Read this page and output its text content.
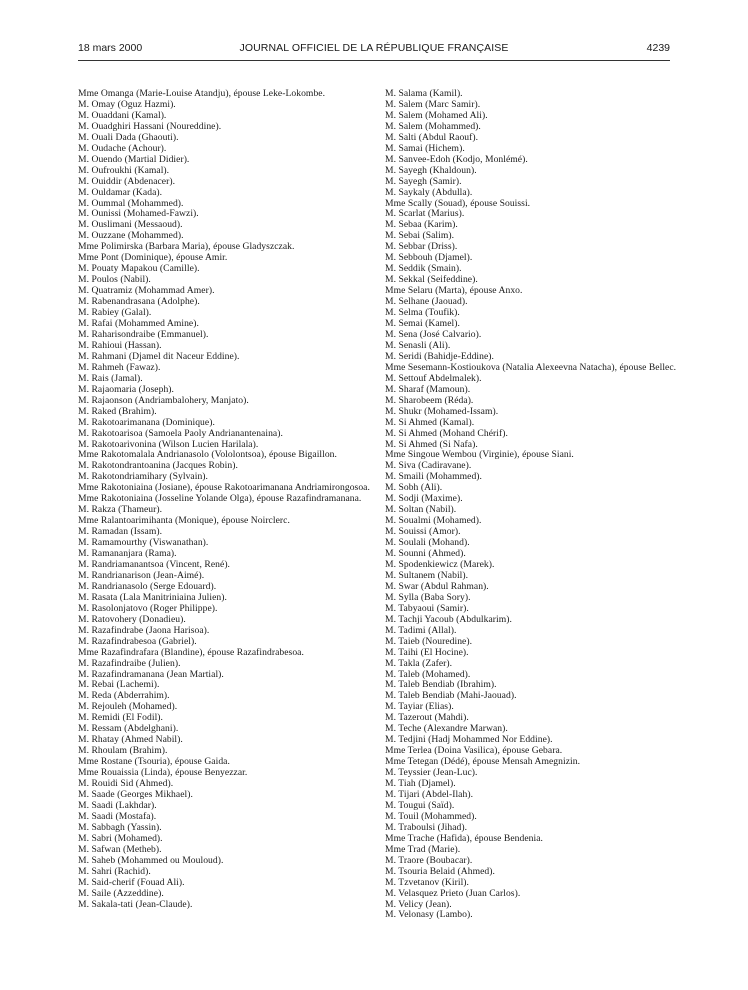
18 mars 2000	JOURNAL OFFICIEL DE LA RÉPUBLIQUE FRANÇAISE	4239
Mme Omanga (Marie-Louise Atandju), épouse Leke-Lokombe.
M. Omay (Oguz Hazmi).
M. Ouaddani (Kamal).
M. Ouadghiri Hassani (Noureddine).
M. Ouali Dada (Ghaouti).
M. Oudache (Achour).
M. Ouendo (Martial Didier).
M. Oufroukhi (Kamal).
M. Ouiddir (Abdenacer).
M. Ouldamar (Kada).
M. Oummal (Mohammed).
M. Ounissi (Mohamed-Fawzi).
M. Ouslimani (Messaoud).
M. Ouzzane (Mohammed).
Mme Polimirska (Barbara Maria), épouse Gladyszczak.
Mme Pont (Dominique), épouse Amir.
M. Pouaty Mapakou (Camille).
M. Poulos (Nabil).
M. Quatramiz (Mohammad Amer).
M. Rabenandrasana (Adolphe).
M. Rabiey (Galal).
M. Rafai (Mohammed Amine).
M. Raharisondraibe (Emmanuel).
M. Rahioui (Hassan).
M. Rahmani (Djamel dit Naceur Eddine).
M. Rahmeh (Fawaz).
M. Rais (Jamal).
M. Rajaomaria (Joseph).
M. Rajaonson (Andriambalohery, Manjato).
M. Raked (Brahim).
M. Rakotoarimanana (Dominique).
M. Rakotoarisoa (Samoela Paoly Andrianantenaina).
M. Rakotoarivonina (Wilson Lucien Harilala).
Mme Rakotomalala Andrianasolo (Vololontsoa), épouse Bigaillon.
M. Rakotondrantoanina (Jacques Robin).
M. Rakotondriamihary (Sylvain).
Mme Rakotoniaina (Josiane), épouse Rakotoarimanana Andriamirongosoa.
Mme Rakotoniaina (Josseline Yolande Olga), épouse Razafindramanana.
M. Rakza (Thameur).
Mme Ralantoarimihanta (Monique), épouse Noirclerc.
M. Ramadan (Issam).
M. Ramamourthy (Viswanathan).
M. Ramananjara (Rama).
M. Randriamanantsoa (Vincent, René).
M. Randrianarison (Jean-Aimé).
M. Randrianasolo (Serge Edouard).
M. Rasata (Lala Manitriniaina Julien).
M. Rasolonjatovo (Roger Philippe).
M. Ratovohery (Donadieu).
M. Razafindrabe (Jaona Harisoa).
M. Razafindrabesoa (Gabriel).
Mme Razafindrafara (Blandine), épouse Razafindrabesoa.
M. Razafindraibe (Julien).
M. Razafindramanana (Jean Martial).
M. Rebai (Lachemi).
M. Reda (Abderrahim).
M. Rejouleh (Mohamed).
M. Remidi (El Fodil).
M. Ressam (Abdelghani).
M. Rhatay (Ahmed Nabil).
M. Rhoulam (Brahim).
Mme Rostane (Tsouria), épouse Gaida.
Mme Rouaissia (Linda), épouse Benyezzar.
M. Rouidi Sid (Ahmed).
M. Saade (Georges Mikhael).
M. Saadi (Lakhdar).
M. Saadi (Mostafa).
M. Sabbagh (Yassin).
M. Sabri (Mohamed).
M. Safwan (Metheb).
M. Saheb (Mohammed ou Mouloud).
M. Sahri (Rachid).
M. Said-cherif (Fouad Ali).
M. Saile (Azzeddine).
M. Sakala-tati (Jean-Claude).
M. Salama (Kamil).
M. Salem (Marc Samir).
M. Salem (Mohamed Ali).
M. Salem (Mohammed).
M. Salti (Abdul Raouf).
M. Samai (Hichem).
M. Sanvee-Edoh (Kodjo, Monlémé).
M. Sayegh (Khaldoun).
M. Sayegh (Samir).
M. Saykaly (Abdulla).
Mme Scally (Souad), épouse Souissi.
M. Scarlat (Marius).
M. Sebaa (Karim).
M. Sebai (Salim).
M. Sebbar (Driss).
M. Sebbouh (Djamel).
M. Seddik (Smain).
M. Sekkal (Seifeddine).
Mme Selaru (Marta), épouse Anxo.
M. Selhane (Jaouad).
M. Selma (Toufik).
M. Semai (Kamel).
M. Sena (José Calvario).
M. Senasli (Ali).
M. Seridi (Bahidje-Eddine).
Mme Sesemann-Kostioukova (Natalia Alexeevna Natacha), épouse Bellec.
M. Settouf Abdelmalek).
M. Sharaf (Mamoun).
M. Sharobeem (Réda).
M. Shukr (Mohamed-Issam).
M. Si Ahmed (Kamal).
M. Si Ahmed (Mohand Chérif).
M. Si Ahmed (Si Nafa).
Mme Singoue Wembou (Virginie), épouse Siani.
M. Siva (Cadiravane).
M. Smaili (Mohammed).
M. Sobh (Ali).
M. Sodji (Maxime).
M. Soltan (Nabil).
M. Soualmi (Mohamed).
M. Souissi (Amor).
M. Soulali (Mohand).
M. Sounni (Ahmed).
M. Spodenkiewicz (Marek).
M. Sultanem (Nabil).
M. Swar (Abdul Rahman).
M. Sylla (Baba Sory).
M. Tabyaoui (Samir).
M. Tachji Yacoub (Abdulkarim).
M. Tadimi (Allal).
M. Taieb (Nouredine).
M. Taihi (El Hocine).
M. Takla (Zafer).
M. Taleb (Mohamed).
M. Taleb Bendiab (Ibrahim).
M. Taleb Bendiab (Mahi-Jaouad).
M. Tayiar (Elias).
M. Tazerout (Mahdi).
M. Teche (Alexandre Marwan).
M. Tedjini (Hadj Mohammed Nor Eddine).
Mme Terlea (Doina Vasilica), épouse Gebara.
Mme Tetegan (Dédé), épouse Mensah Amegnizin.
M. Teyssier (Jean-Luc).
M. Tiah (Djamel).
M. Tijari (Abdel-Ilah).
M. Tougui (Saïd).
M. Touil (Mohammed).
M. Traboulsi (Jihad).
Mme Trache (Hafida), épouse Bendenia.
Mme Trad (Marie).
M. Traore (Boubacar).
M. Tsouria Belaid (Ahmed).
M. Tzvetanov (Kiril).
M. Velasquez Prieto (Juan Carlos).
M. Velicy (Jean).
M. Velonasy (Lambo).
